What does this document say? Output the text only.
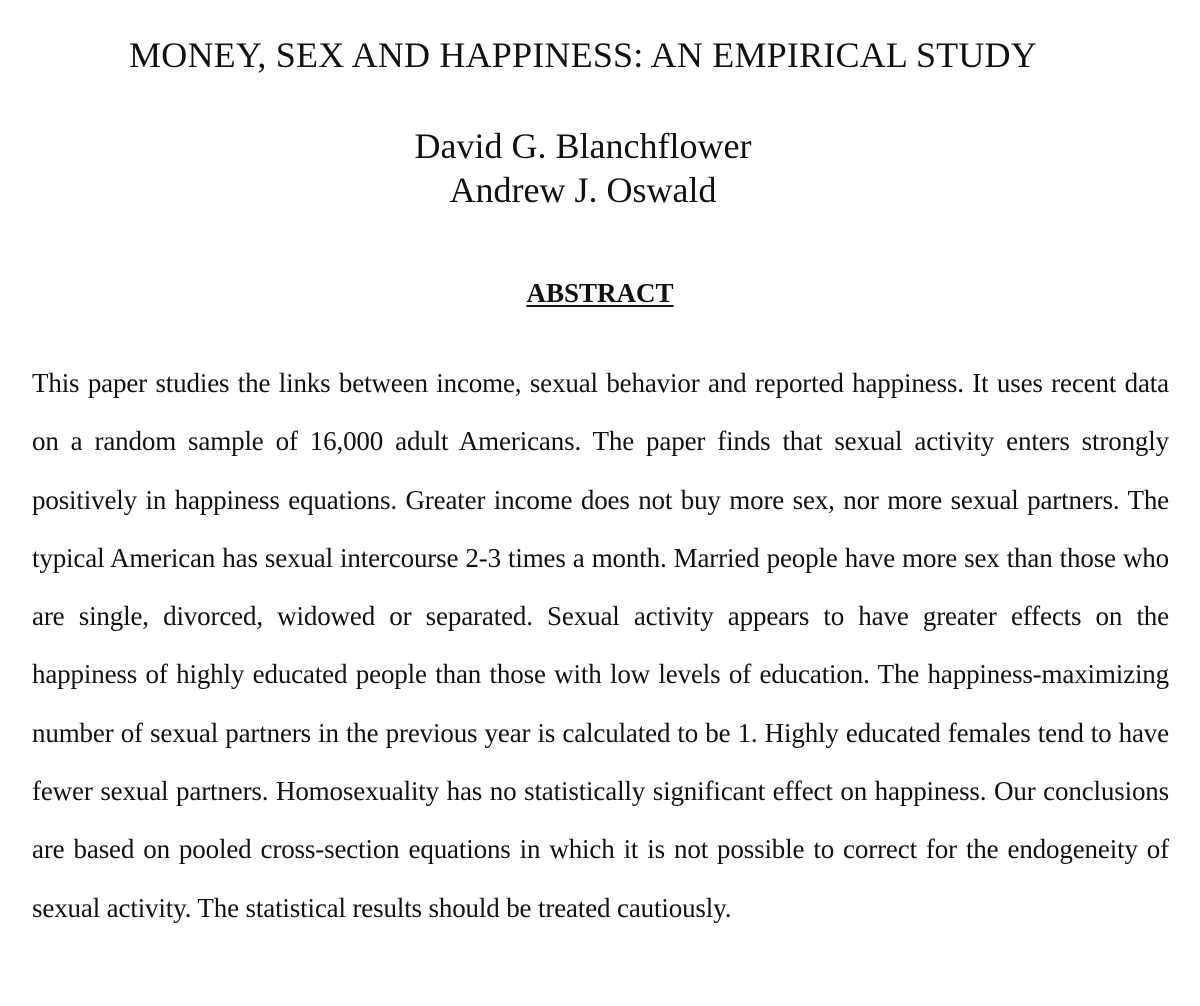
MONEY, SEX AND HAPPINESS: AN EMPIRICAL STUDY
David G. Blanchflower
Andrew J. Oswald
ABSTRACT

This paper studies the links between income, sexual behavior and reported happiness. It uses recent data on a random sample of 16,000 adult Americans. The paper finds that sexual activity enters strongly positively in happiness equations. Greater income does not buy more sex, nor more sexual partners. The typical American has sexual intercourse 2-3 times a month. Married people have more sex than those who are single, divorced, widowed or separated. Sexual activity appears to have greater effects on the happiness of highly educated people than those with low levels of education. The happiness-maximizing number of sexual partners in the previous year is calculated to be 1. Highly educated females tend to have fewer sexual partners. Homosexuality has no statistically significant effect on happiness. Our conclusions are based on pooled cross-section equations in which it is not possible to correct for the endogeneity of sexual activity. The statistical results should be treated cautiously.
